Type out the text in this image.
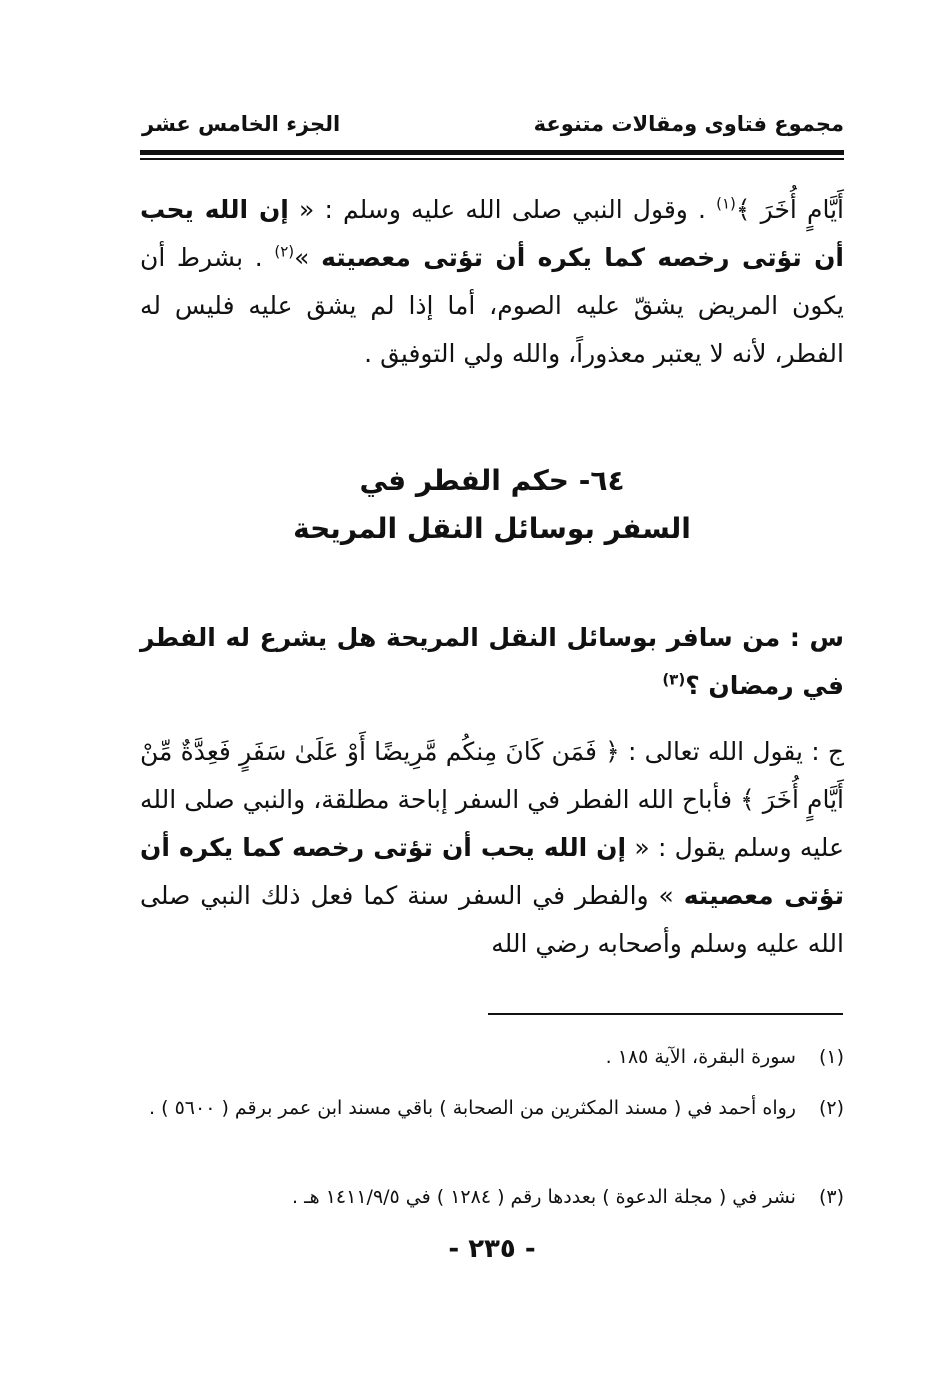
مجموع فتاوى ومقالات متنوعة
الجزء الخامس عشر
أَيَّامٍ أُخَرَ ﴾$^{(١)}$ . وقول النبي صلى الله عليه وسلم : « إن الله يحب أن تؤتى رخصه كما يكره أن تؤتى معصيته »$^{(٢)}$ . بشرط أن يكون المريض يشقّ عليه الصوم، أما إذا لم يشق عليه فليس له الفطر، لأنه لا يعتبر معذوراً، والله ولي التوفيق .
٦٤- حكم الفطر في
السفر بوسائل النقل المريحة
س : من سافر بوسائل النقل المريحة هل يشرع له الفطر في رمضان ؟$^{(٣)}$
ج : يقول الله تعالى : ﴿ فَمَن كَانَ مِنكُم مَّرِيضًا أَوْ عَلَىٰ سَفَرٍ فَعِدَّةٌ مِّنْ أَيَّامٍ أُخَرَ ﴾ فأباح الله الفطر في السفر إباحة مطلقة، والنبي صلى الله عليه وسلم يقول : « إن الله يحب أن تؤتى رخصه كما يكره أن تؤتى معصيته » والفطر في السفر سنة كما فعل ذلك النبي صلى الله عليه وسلم وأصحابه رضي الله
(١) سورة البقرة، الآية ١٨٥ .
(٢) رواه أحمد في ( مسند المكثرين من الصحابة ) باقي مسند ابن عمر برقم ( ٥٦٠٠ ) .
(٣) نشر في ( مجلة الدعوة ) بعددها رقم ( ١٢٨٤ ) في ١٤١١/٩/٥ هـ .
- ٢٣٥ -
